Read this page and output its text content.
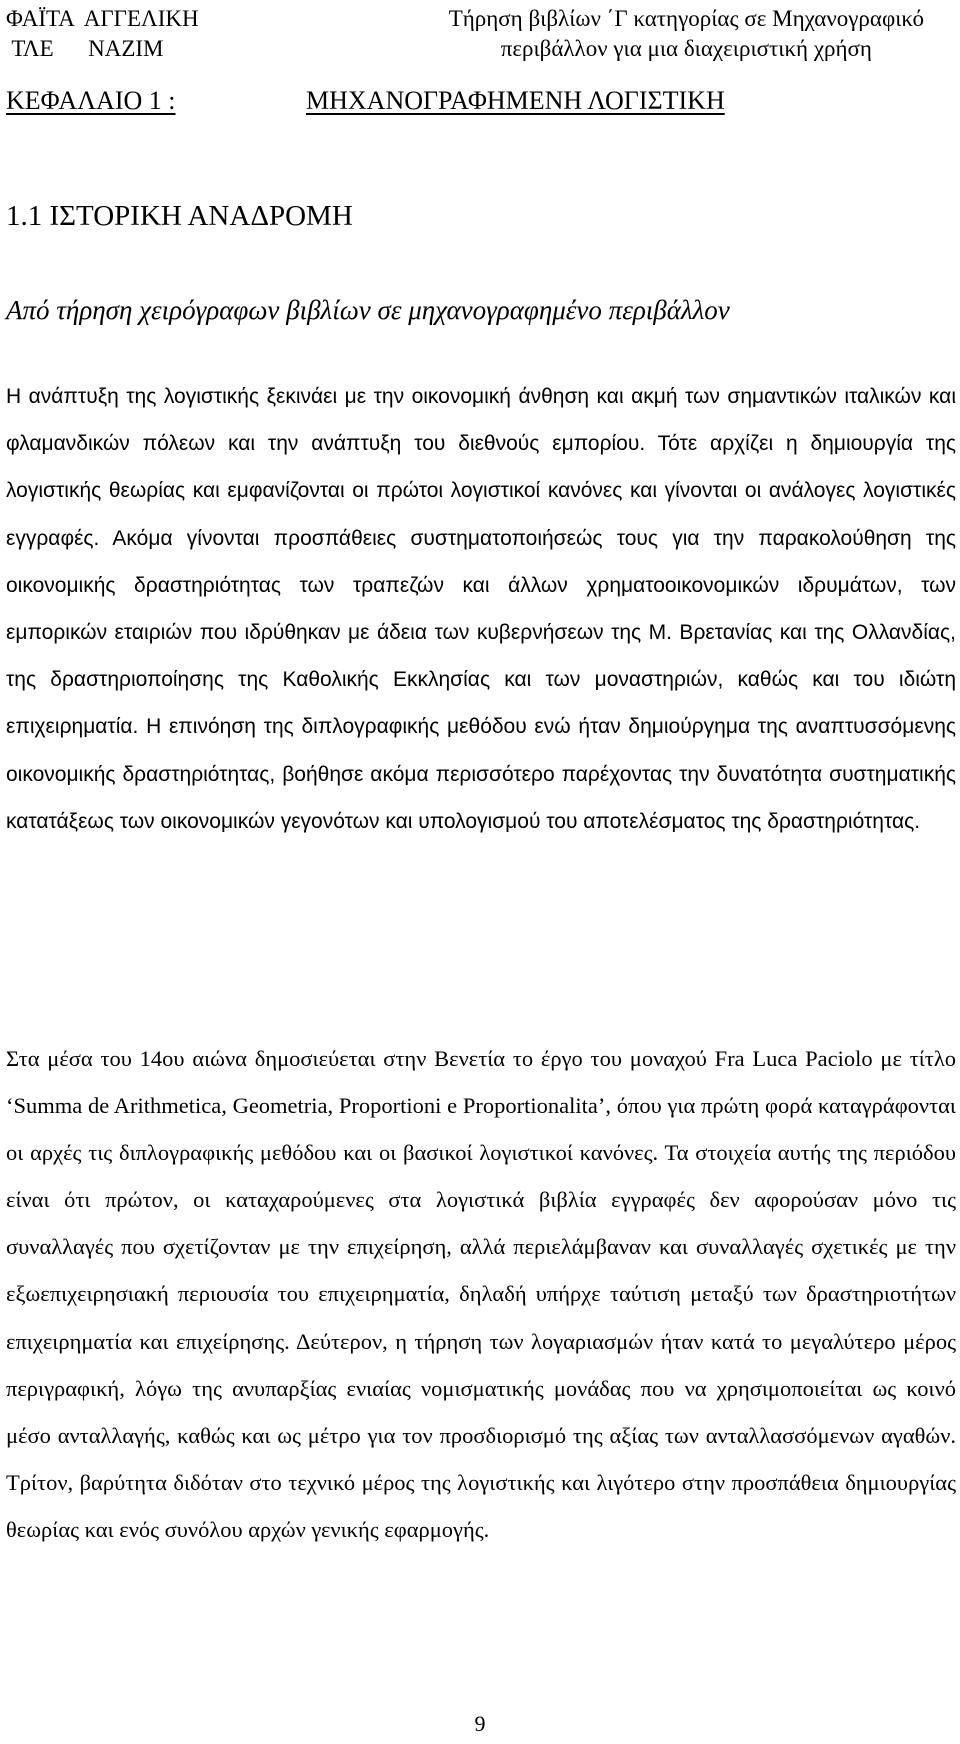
ΦΑΪΤΑ  ΑΓΓΕΛΙΚΗ
ΤΛΕ      ΝΑΖΙΜ
Τήρηση βιβλίων ΄Γ κατηγορίας σε Μηχανογραφικό
περιβάλλον για μια διαχειριστική χρήση
ΚΕΦΑΛΑΙΟ 1 :	ΜΗΧΑΝΟΓΡΑΦΗΜΕΝΗ ΛΟΓΙΣΤΙΚΗ
1.1 ΙΣΤΟΡΙΚΗ ΑΝΑΔΡΟΜΗ
Από τήρηση χειρόγραφων βιβλίων σε μηχανογραφημένο περιβάλλον
Η ανάπτυξη της λογιστικής ξεκινάει με την οικονομική άνθηση και ακμή των σημαντικών ιταλικών και φλαμανδικών πόλεων και την ανάπτυξη του διεθνούς εμπορίου. Τότε αρχίζει η δημιουργία της λογιστικής θεωρίας και εμφανίζονται οι πρώτοι λογιστικοί κανόνες και γίνονται οι ανάλογες λογιστικές εγγραφές. Ακόμα γίνονται προσπάθειες συστηματοποιήσεώς τους για την παρακολούθηση της οικονομικής δραστηριότητας των τραπεζών και άλλων χρηματοοικονομικών ιδρυμάτων, των εμπορικών εταιριών που ιδρύθηκαν με άδεια των κυβερνήσεων της Μ. Βρετανίας και της Ολλανδίας, της δραστηριοποίησης της Καθολικής Εκκλησίας και των μοναστηριών, καθώς και του ιδιώτη επιχειρηματία. Η επινόηση της διπλογραφικής μεθόδου ενώ ήταν δημιούργημα της αναπτυσσόμενης οικονομικής δραστηριότητας, βοήθησε ακόμα περισσότερο παρέχοντας την δυνατότητα συστηματικής κατατάξεως των οικονομικών γεγονότων και υπολογισμού του αποτελέσματος της δραστηριότητας.
Στα μέσα του 14ου αιώνα δημοσιεύεται στην Βενετία το έργο του μοναχού Fra Luca Paciolo με τίτλο ‘Summa de Arithmetica, Geometria, Proportioni e Proportionalita’, όπου για πρώτη φορά καταγράφονται οι αρχές τις διπλογραφικής μεθόδου και οι βασικοί λογιστικοί κανόνες. Τα στοιχεία αυτής της περιόδου είναι ότι πρώτον, οι καταχαρούμενες στα λογιστικά βιβλία εγγραφές δεν αφορούσαν μόνο τις συναλλαγές που σχετίζονταν με την επιχείρηση, αλλά περιελάμβαναν και συναλλαγές σχετικές με την εξωεπιχειρησιακή περιουσία του επιχειρηματία, δηλαδή υπήρχε ταύτιση μεταξύ των δραστηριοτήτων επιχειρηματία και επιχείρησης. Δεύτερον, η τήρηση των λογαριασμών ήταν κατά το μεγαλύτερο μέρος περιγραφική, λόγω της ανυπαρξίας ενιαίας νομισματικής μονάδας που να χρησιμοποιείται ως κοινό μέσο ανταλλαγής, καθώς και ως μέτρο για τον προσδιορισμό της αξίας των ανταλλασσόμενων αγαθών. Τρίτον, βαρύτητα διδόταν στο τεχνικό μέρος της λογιστικής και λιγότερο στην προσπάθεια δημιουργίας θεωρίας και ενός συνόλου αρχών γενικής εφαρμογής.
9
